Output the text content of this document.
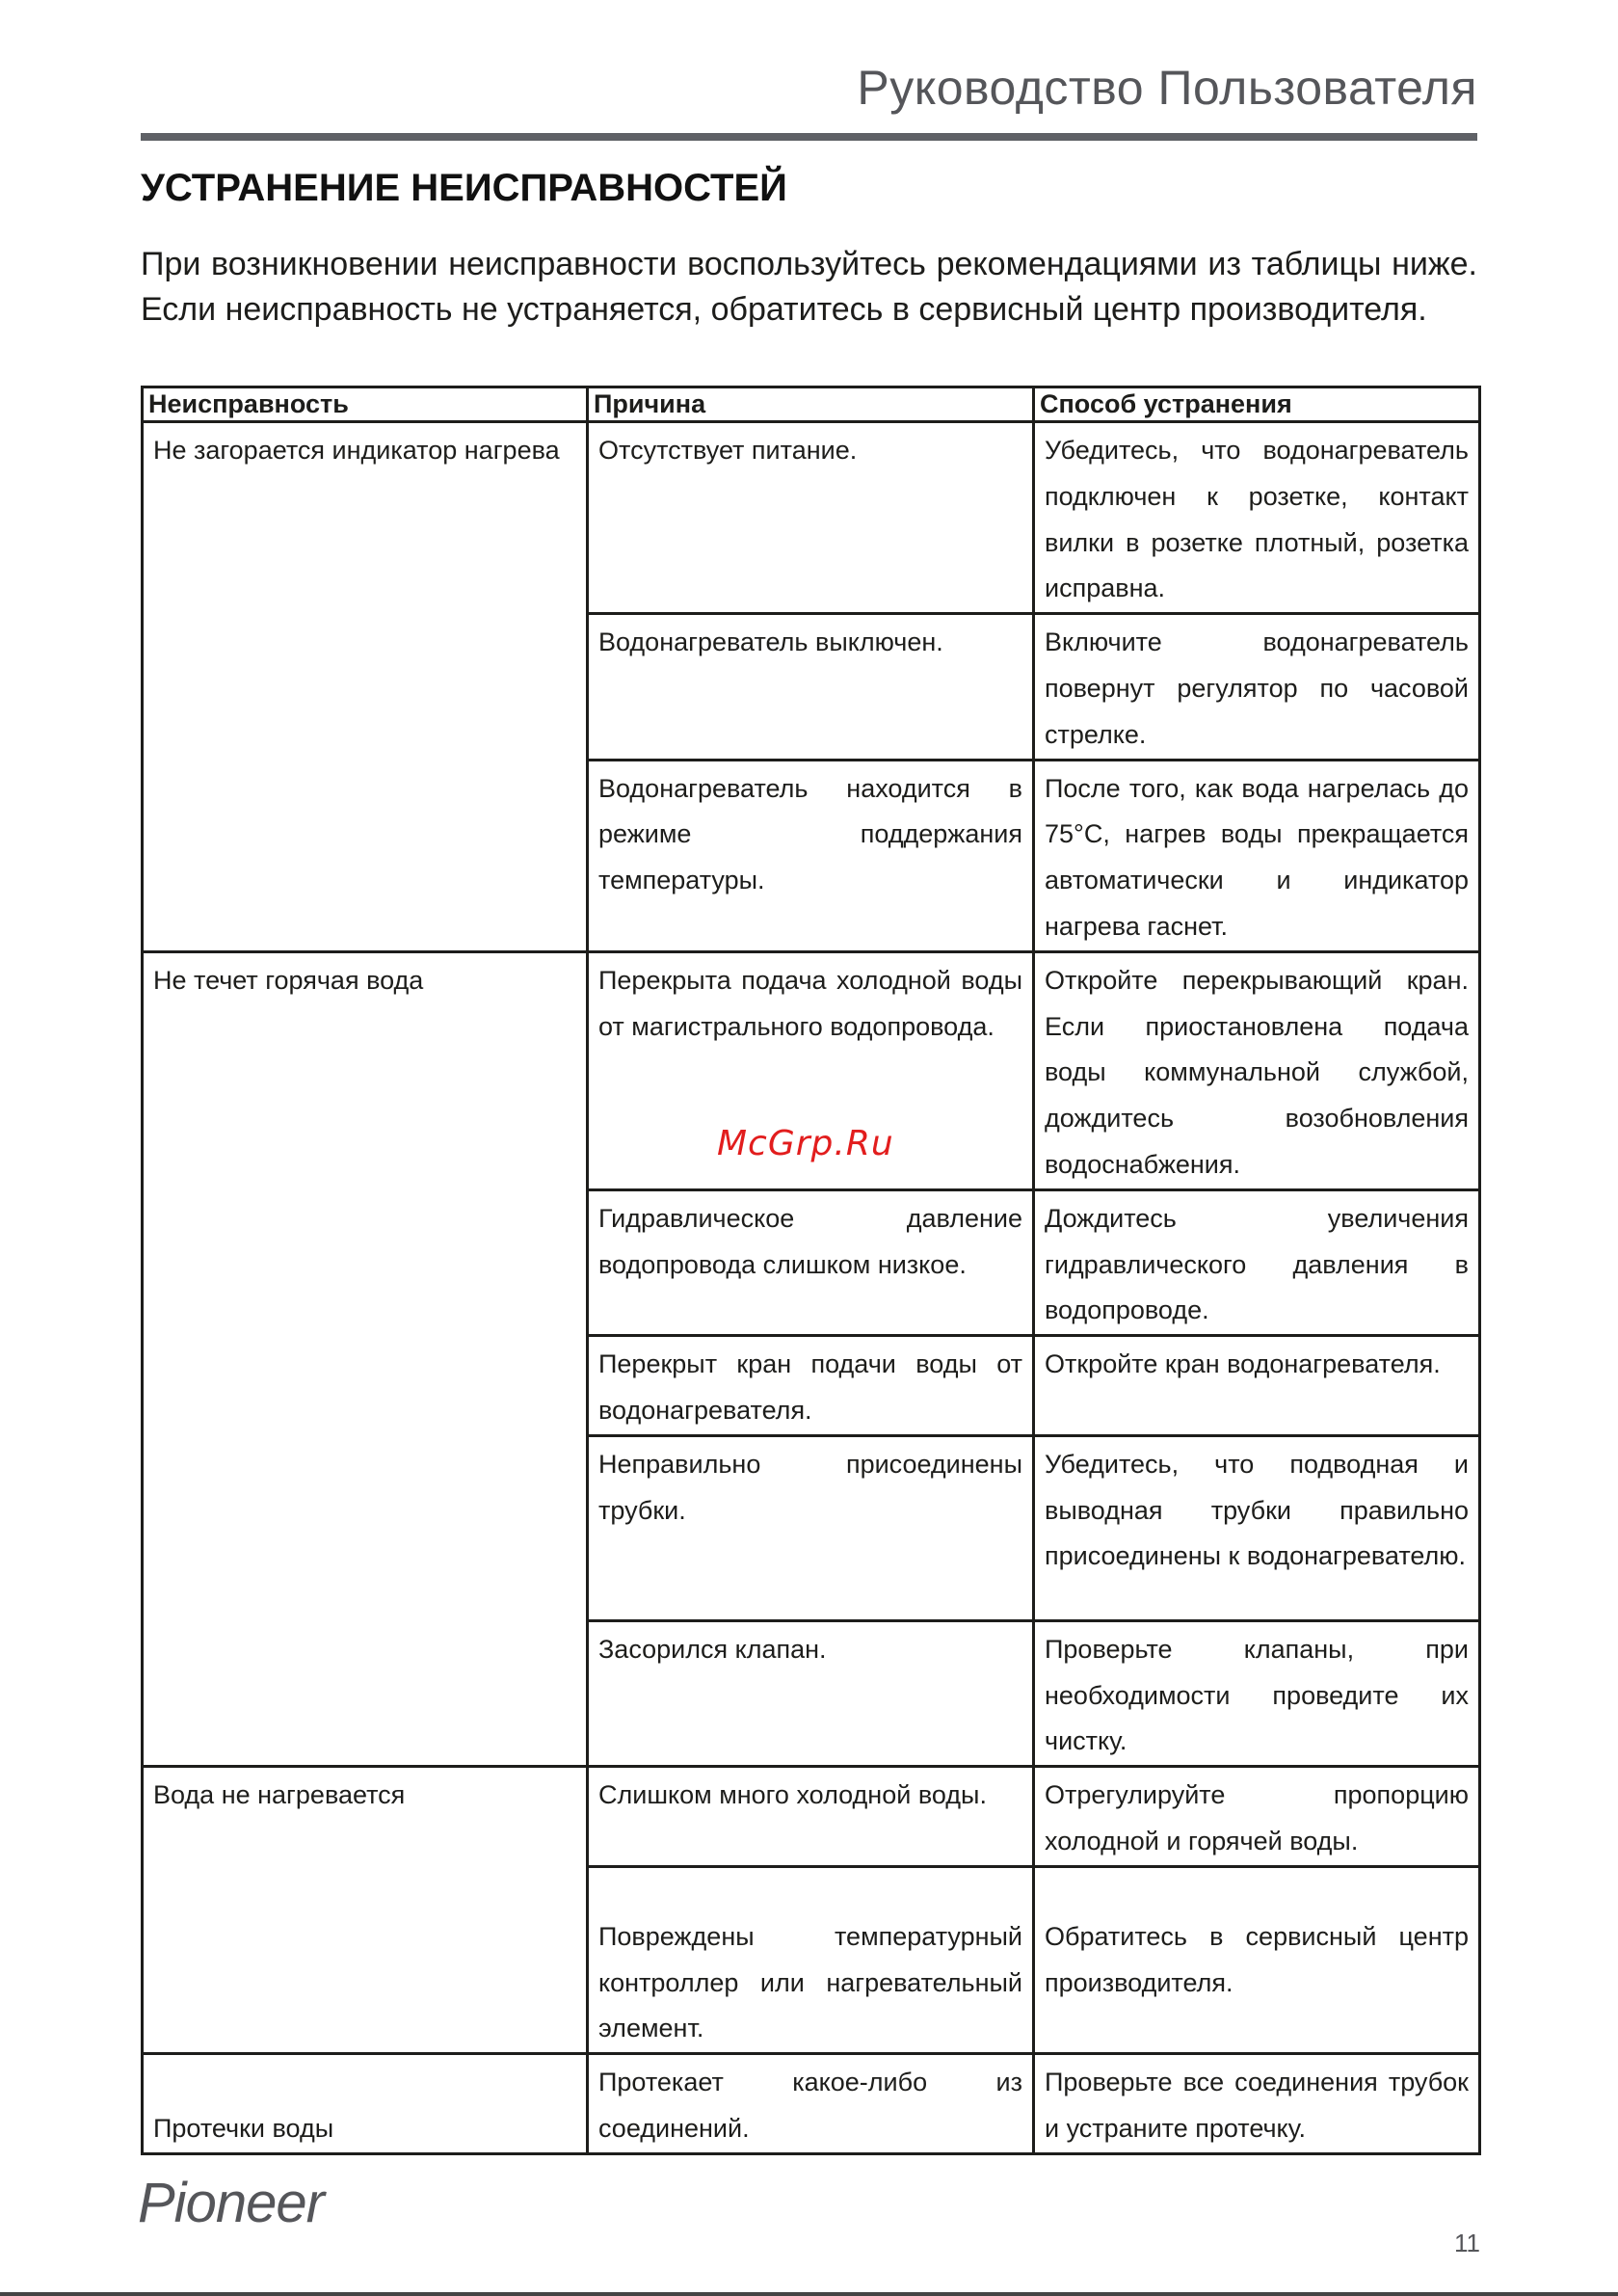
Руководство Пользователя
УСТРАНЕНИЕ НЕИСПРАВНОСТЕЙ

При возникновении неисправности воспользуйтесь рекомендациями из таблицы ниже. Если неисправность не устраняется, обратитесь в сервисный центр производителя.

Неисправность	Причина	Способ устранения
Не загорается индикатор нагрева	Отсутствует питание.	Убедитесь, что водонагреватель подключен к розетке, контакт вилки в розетке плотный, розетка исправна.
	Водонагреватель выключен.	Включите водонагреватель повернут регулятор по часовой стрелке.
	Водонагреватель находится в режиме поддержания температуры.	После того, как вода нагрелась до 75°C, нагрев воды прекращается автоматически и индикатор нагрева гаснет.
Не течет горячая вода	Перекрыта подача холодной воды от магистрального водопровода.	Откройте перекрывающий кран. Если приостановлена подача воды коммунальной службой, дождитесь возобновления водоснабжения.
	Гидравлическое давление водопровода слишком низкое.	Дождитесь увеличения гидравлического давления в водопроводе.
	Перекрыт кран подачи воды от водонагревателя.	Откройте кран водонагревателя.
	Неправильно присоединены трубки.	Убедитесь, что подводная и выводная трубки правильно присоединены к водонагревателю.
	Засорился клапан.	Проверьте клапаны, при необходимости проведите их чистку.
Вода не нагревается	Слишком много холодной воды.	Отрегулируйте пропорцию холодной и горячей воды.
	Повреждены температурный контроллер или нагревательный элемент.	Обратитесь в сервисный центр производителя.
Протечки воды	Протекает какое-либо из соединений.	Проверьте все соединения трубок и устраните протечку.
McGrp.Ru
Pioneer
11
